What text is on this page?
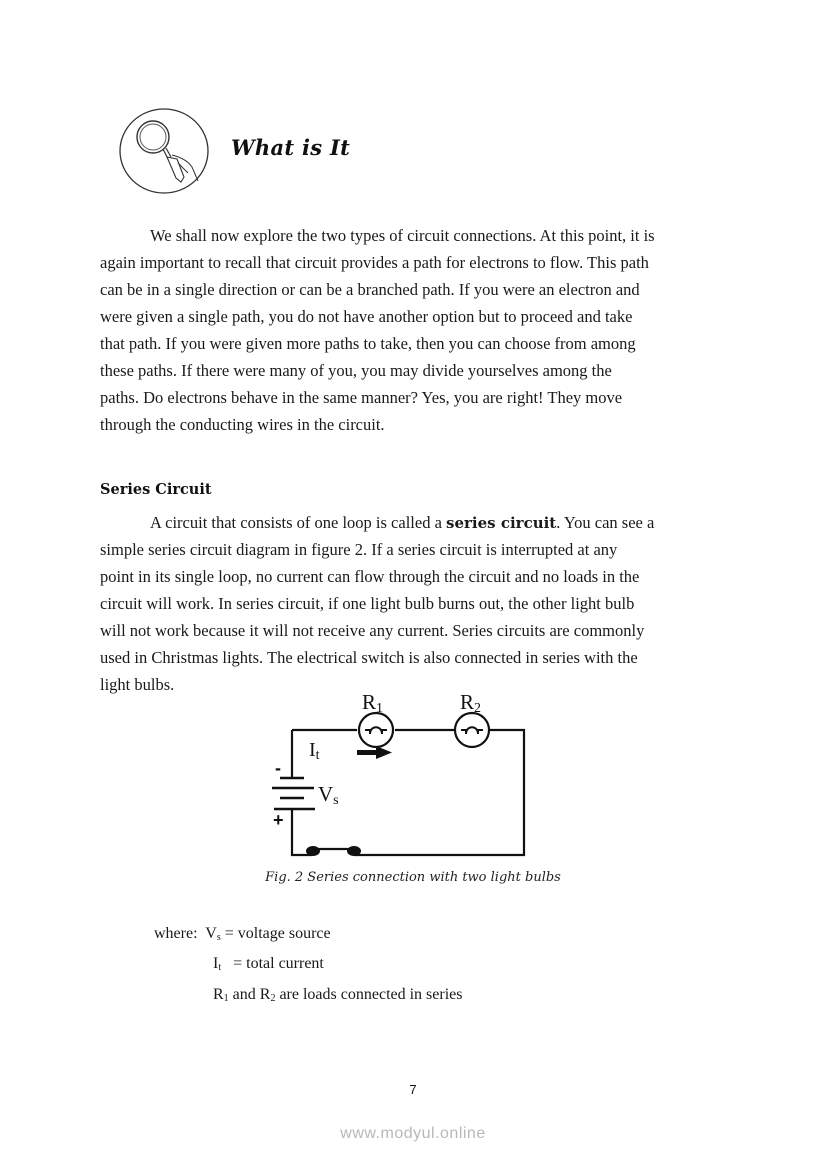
What is It
We shall now explore the two types of circuit connections. At this point, it is
again important to recall that circuit provides a path for electrons to flow. This path
can be in a single direction or can be a branched path. If you were an electron and
were given a single path, you do not have another option but to proceed and take
that path. If you were given more paths to take, then you can choose from among
these paths. If there were many of you, you may divide yourselves among the
paths. Do electrons behave in the same manner? Yes, you are right! They move
through the conducting wires in the circuit.
Series Circuit
A circuit that consists of one loop is called a series circuit. You can see a
simple series circuit diagram in figure 2. If a series circuit is interrupted at any
point in its single loop, no current can flow through the circuit and no loads in the
circuit will work. In series circuit, if one light bulb burns out, the other light bulb
will not work because it will not receive any current. Series circuits are commonly
used in Christmas lights. The electrical switch is also connected in series with the
light bulbs.
R1	R2
It
Vs
-
+
Fig. 2 Series connection with two light bulbs
where: $V_s$ = voltage source
$I_t$   = total current
$R_1$ and $R_2$ are loads connected in series
7
www.modyul.online
